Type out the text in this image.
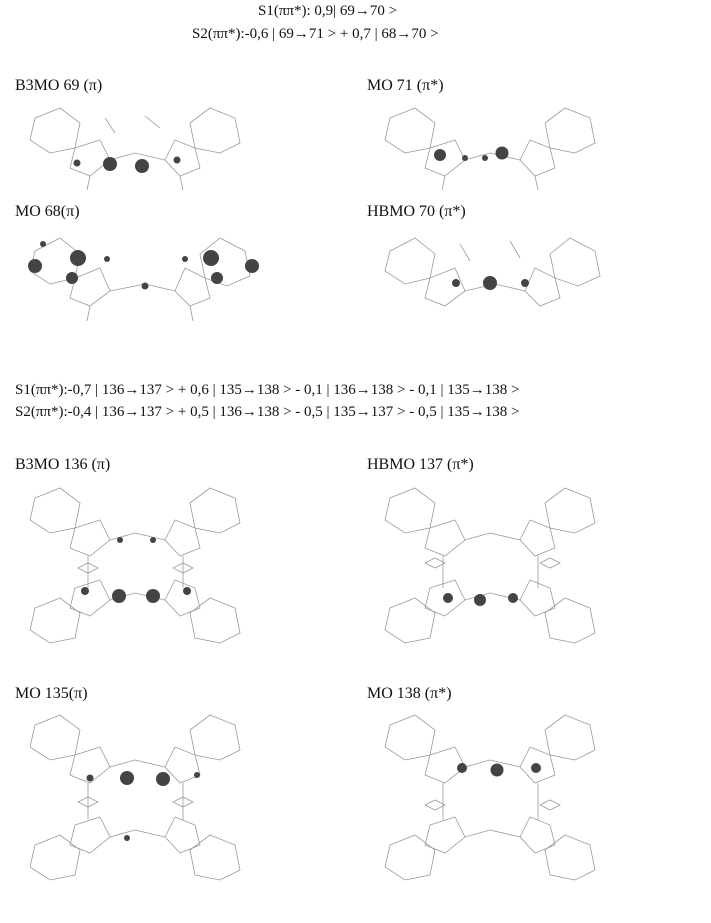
S1(ππ*): 0,9| 69→70 >
S2(ππ*):-0,6 | 69→71 > + 0,7 | 68→70 >
B3MO 69 (π)	MO 71 (π*)
MO 68(π)	HBMO 70 (π*)
S1(ππ*):-0,7 | 136→137 > + 0,6 | 135→138 > - 0,1 | 136→138 > - 0,1 | 135→138 >
S2(ππ*):-0,4 | 136→137 > + 0,5 | 136→138 > - 0,5 | 135→137 > - 0,5 | 135→138 >
B3MO 136 (π)	HBMO 137 (π*)
MO 135(π)	MO 138 (π*)
